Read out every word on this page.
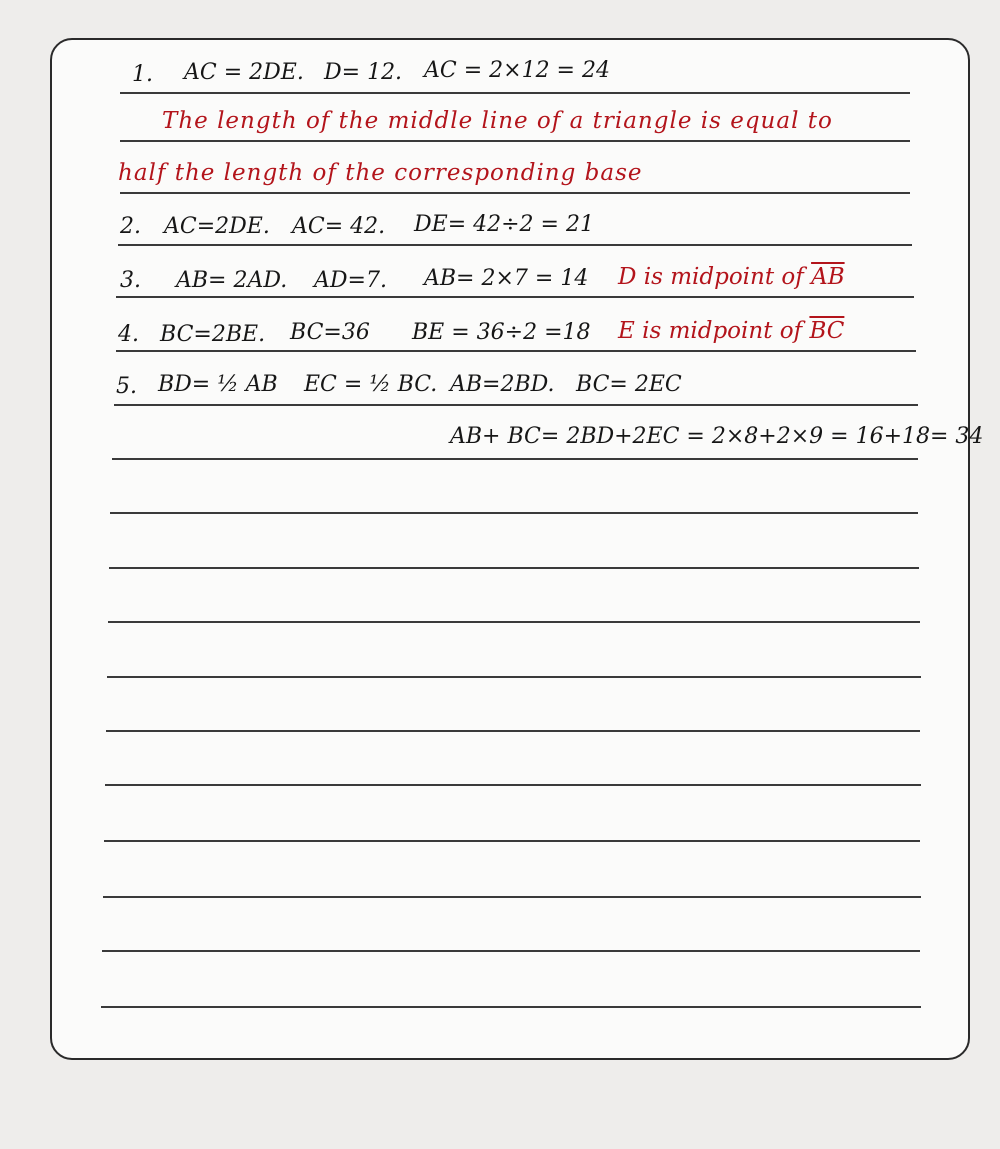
1. AC = 2DE. D= 12. AC = 2×12 = 24
The length of the middle line of a triangle is equal to
half the length of the corresponding base
2. AC=2DE. AC= 42. DE= 42÷2 = 21
3. AB= 2AD. AD=7. AB= 2×7 = 14 D is midpoint of $\overline{AB}$
4. BC=2BE. BC=36 BE = 36÷2 =18 E is midpoint of $\overline{BC}$
5. BD= ½ AB EC = ½ BC. AB=2BD. BC= 2EC
AB+ BC= 2BD+2EC = 2×8+2×9 = 16+18= 34
